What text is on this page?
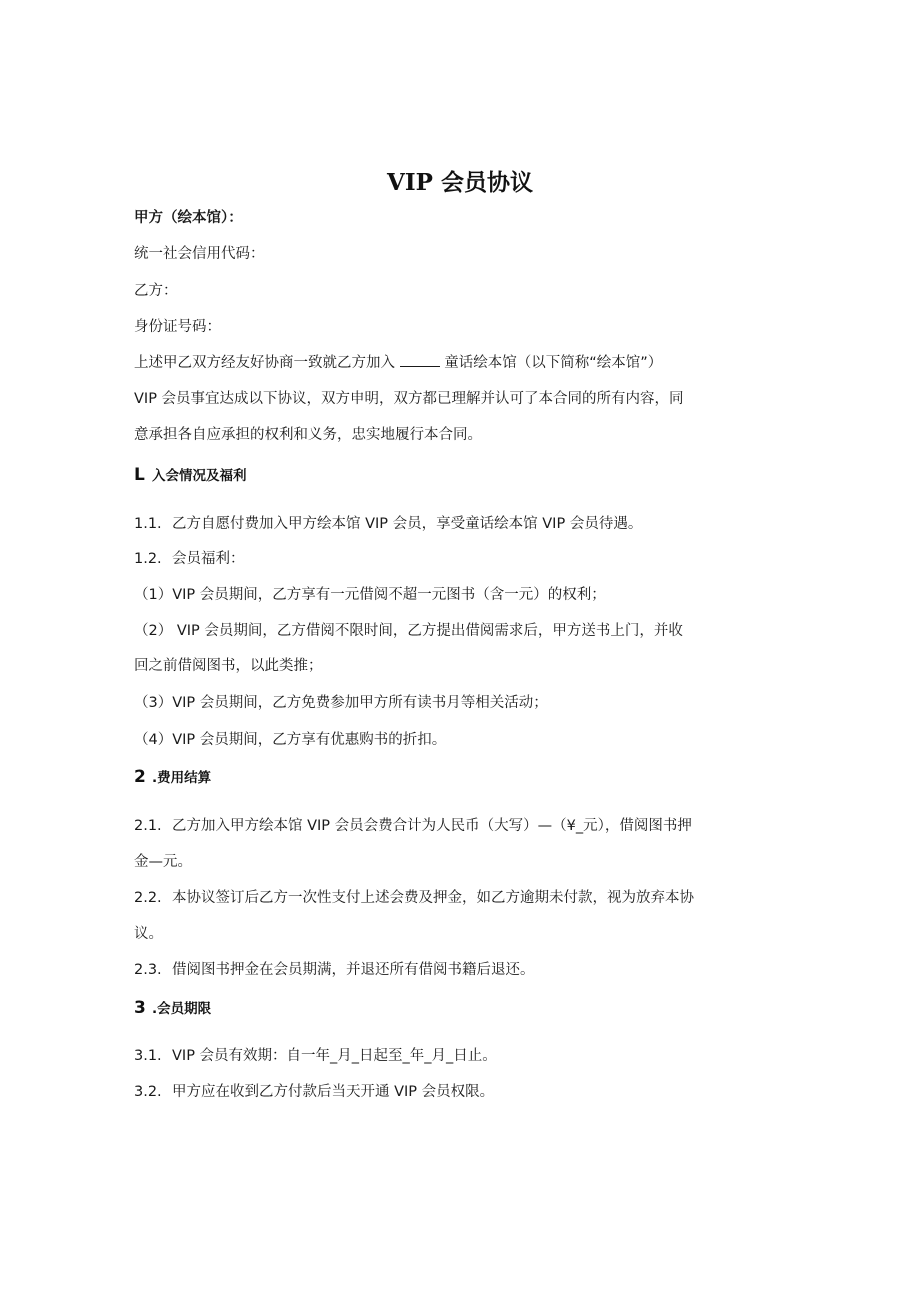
VIP 会员协议
甲方（绘本馆）：
统一社会信用代码：
乙方：
身份证号码：
上述甲乙双方经友好协商一致就乙方加入	童话绘本馆（以下简称“绘本馆”）
VIP 会员事宜达成以下协议，双方申明，双方都已理解并认可了本合同的所有内容，同
意承担各自应承担的权利和义务，忠实地履行本合同。
L 入会情况及福利
1.1. 乙方自愿付费加入甲方绘本馆 VIP 会员，享受童话绘本馆 VIP 会员待遇。
1.2. 会员福利：
（1）VIP 会员期间，乙方享有一元借阅不超一元图书（含一元）的权利；
（2） VIP 会员期间，乙方借阅不限时间，乙方提出借阅需求后，甲方送书上门，并收
回之前借阅图书，以此类推；
（3）VIP 会员期间，乙方免费参加甲方所有读书月等相关活动；
（4）VIP 会员期间，乙方享有优惠购书的折扣。
2 .费用结算
2.1. 乙方加入甲方绘本馆 VIP 会员会费合计为人民币（大写）—（¥_元），借阅图书押
金—元。
2.2. 本协议签订后乙方一次性支付上述会费及押金，如乙方逾期未付款，视为放弃本协
议。
2.3. 借阅图书押金在会员期满，并退还所有借阅书籍后退还。
3 .会员期限
3.1. VIP 会员有效期：自一年_月_日起至_年_月_日止。
3.2. 甲方应在收到乙方付款后当天开通 VIP 会员权限。
